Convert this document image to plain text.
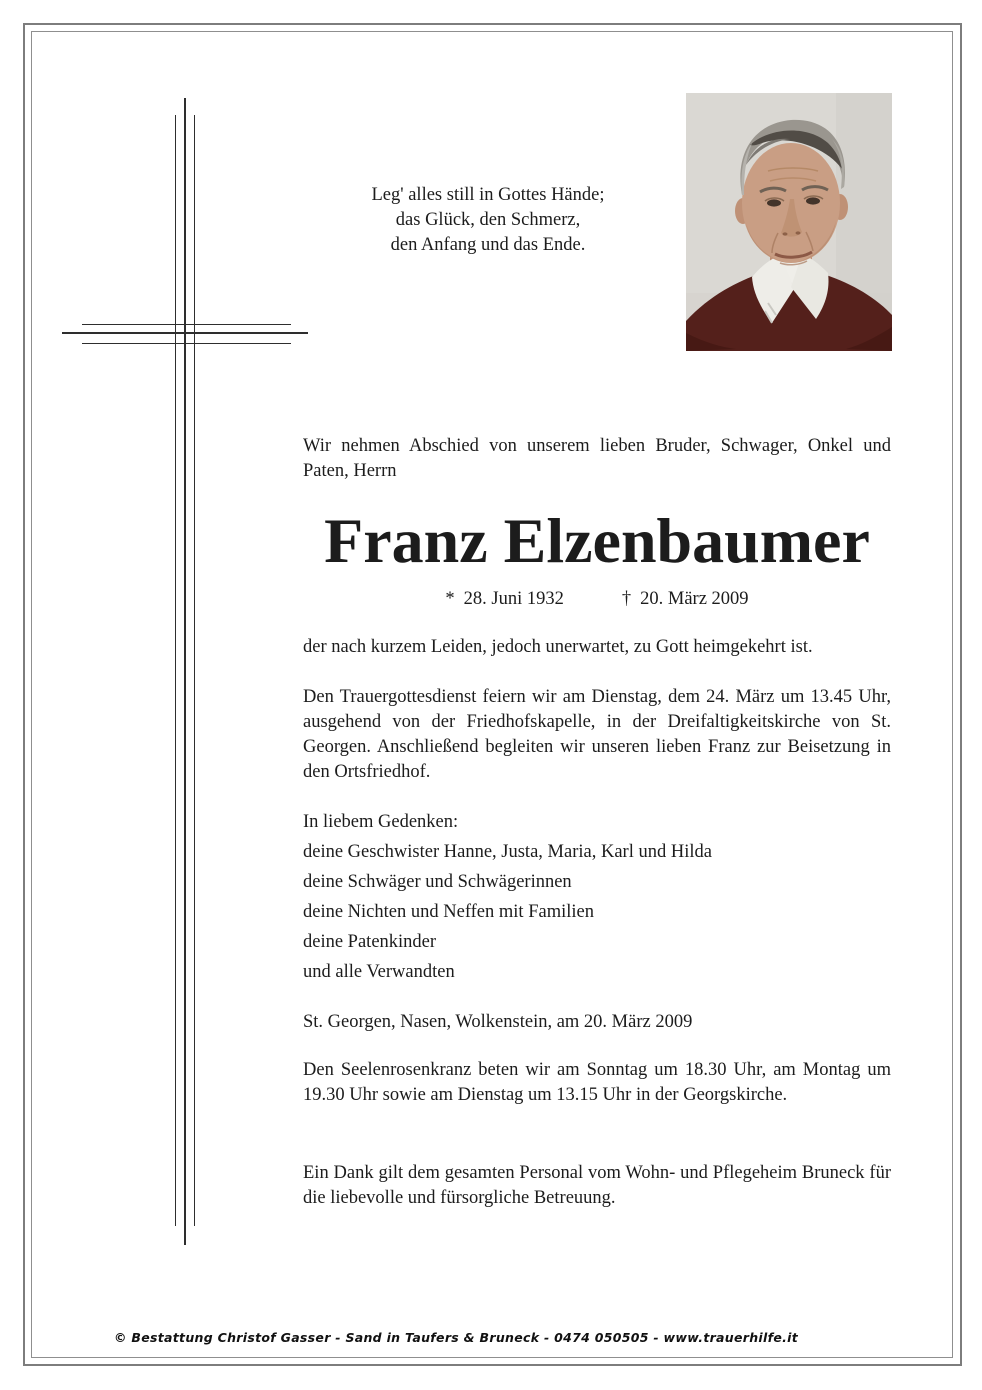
Leg' alles still in Gottes Hände;
das Glück, den Schmerz,
den Anfang und das Ende.
Wir nehmen Abschied von unserem lieben Bruder, Schwager, Onkel und Paten, Herrn
Franz Elzenbaumer
* 28. Juni 1932	† 20. März 2009
der nach kurzem Leiden, jedoch unerwartet, zu Gott heimgekehrt ist.
Den Trauergottesdienst feiern wir am Dienstag, dem 24. März um 13.45 Uhr, ausgehend von der Friedhofskapelle, in der Dreifaltigkeitskirche von St. Georgen. Anschließend begleiten wir unseren lieben Franz zur Beisetzung in den Ortsfriedhof.
In liebem Gedenken:
deine Geschwister Hanne, Justa, Maria, Karl und Hilda
deine Schwäger und Schwägerinnen
deine Nichten und Neffen mit Familien
deine Patenkinder
und alle Verwandten
St. Georgen, Nasen, Wolkenstein, am 20. März 2009
Den Seelenrosenkranz beten wir am Sonntag um 18.30 Uhr, am Montag um 19.30 Uhr sowie am Dienstag um 13.15 Uhr in der Georgskirche.
Ein Dank gilt dem gesamten Personal vom Wohn- und Pflegeheim Bruneck für die liebevolle und fürsorgliche Betreuung.
© Bestattung Christof Gasser - Sand in Taufers & Bruneck - 0474 050505 - www.trauerhilfe.it
